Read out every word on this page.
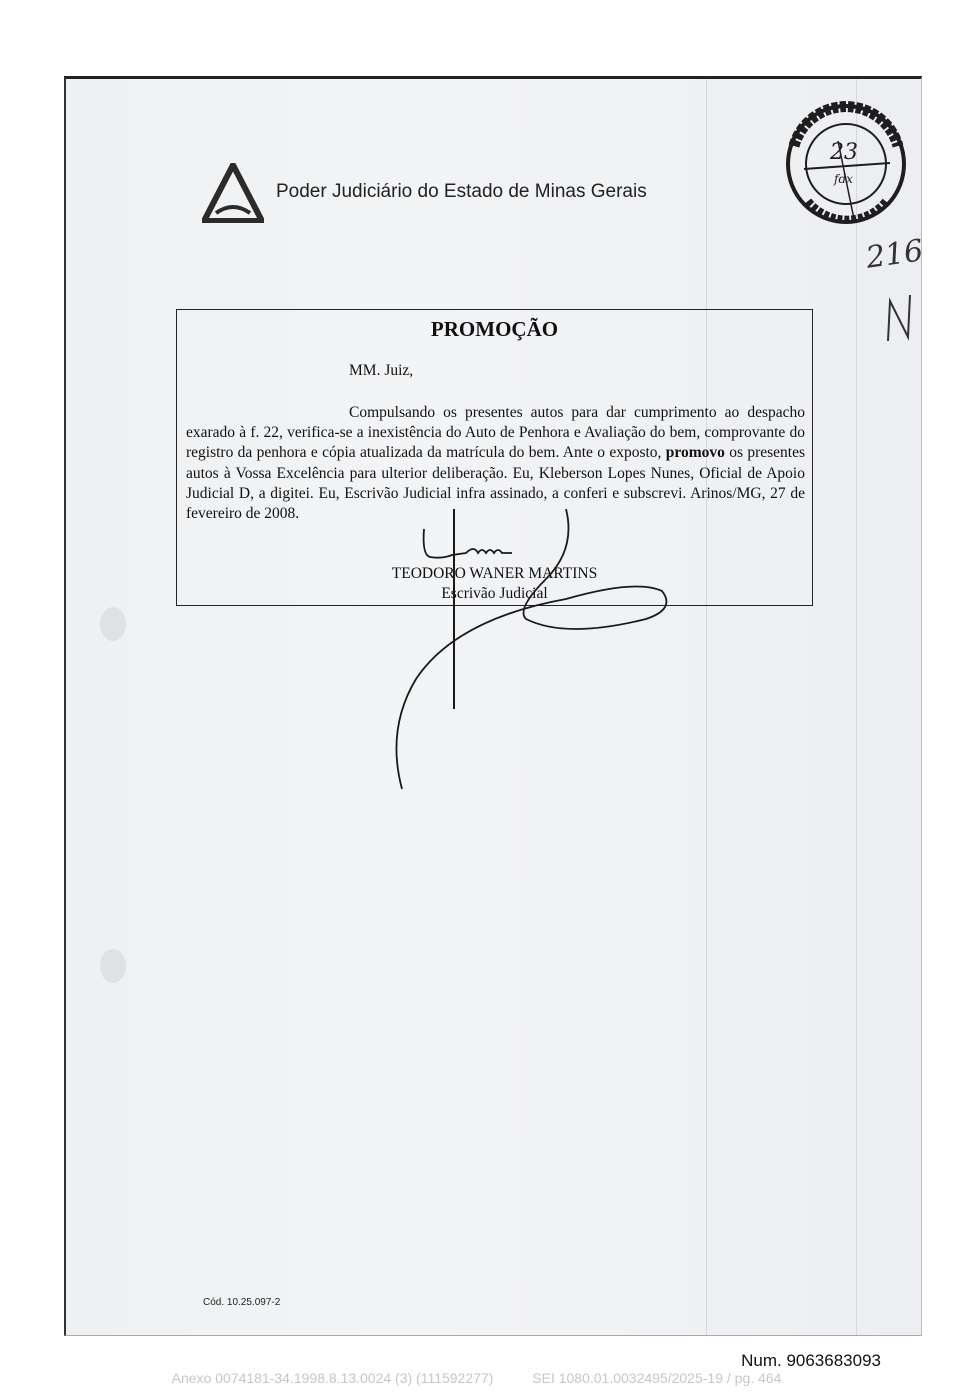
Poder Judiciário do Estado de Minas Gerais
23
fdx
216
PROMOÇÃO
MM. Juiz,
Compulsando os presentes autos para dar cumprimento ao despacho exarado à f. 22, verifica-se a inexistência do Auto de Penhora e Avaliação do bem, comprovante do registro da penhora e cópia atualizada da matrícula do bem. Ante o exposto, promovo os presentes autos à Vossa Excelência para ulterior deliberação. Eu, Kleberson Lopes Nunes, Oficial de Apoio Judicial D, a digitei. Eu, Escrivão Judicial infra assinado, a conferi e subscrevi. Arinos/MG, 27 de fevereiro de 2008.
TEODORO WANER MARTINS
Escrivão Judicial
Cód. 10.25.097-2
Num. 9063683093
Anexo 0074181-34.1998.8.13.0024 (3) (111592277)          SEI 1080.01.0032495/2025-19 / pg. 464
